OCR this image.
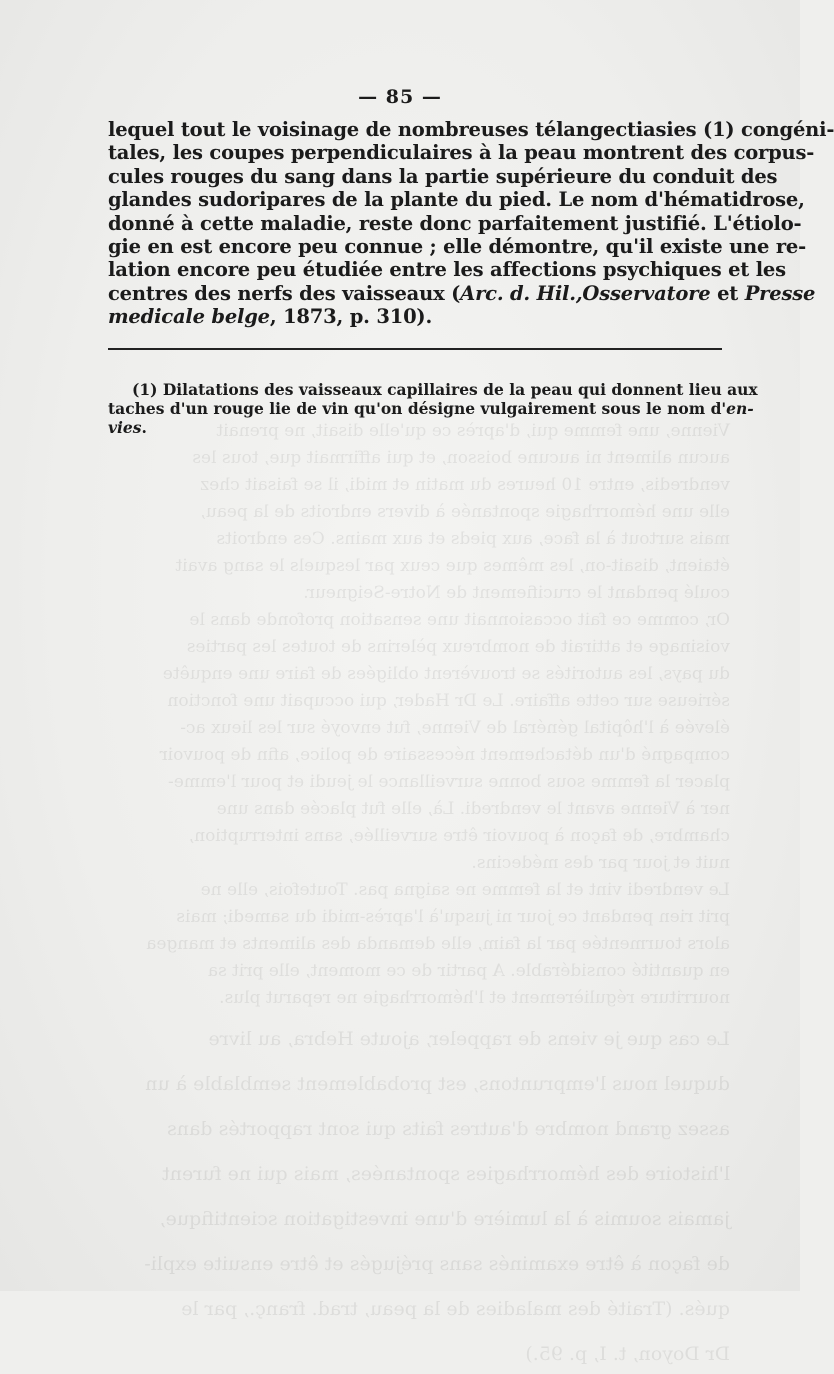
Vienne, une femme qui, d'après ce qu'elle disait, ne prenait

aucun aliment ni aucune boisson, et qui affirmait que, tous les

vendredis, entre 10 heures du matin et midi, il se faisait chez

elle une hémorrhagie spontanée à divers endroits de la peau,

mais surtout à la face, aux pieds et aux mains. Ces endroits

étaient, disait-on, les mêmes que ceux par lesquels le sang avait

coulé pendant le crucifiement de Notre-Seigneur.

Or, comme ce fait occasionnait une sensation profonde dans le

voisinage et attirait de nombreux pèlerins de toutes les parties

du pays, les autorités se trouvèrent obligées de faire une enquête

sérieuse sur cette affaire. Le Dr Hader, qui occupait une fonction

élevée à l'hôpital général de Vienne, fut envoyé sur les lieux ac-

compagné d'un détachement nécessaire de police, afin de pouvoir

placer la femme sous bonne surveillance le jeudi et pour l'emme-

ner à Vienne avant le vendredi. Là, elle fut placée dans une

chambre, de façon à pouvoir être surveillée, sans interruption,

nuit et jour par des médecins.

Le vendredi vint et la femme ne saigna pas. Toutefois, elle ne

prit rien pendant ce jour ni jusqu'à l'après-midi du samedi; mais

alors tourmentée par la faim, elle demanda des aliments et mangea

en quantité considérable. A partir de ce moment, elle prit sa

nourriture régulièrement et l'hémorrhagie ne reparut plus.

Le cas que je viens de rappeler, ajoute Hebra, au livre

duquel nous l'empruntons, est probablement semblable à un

assez grand nombre d'autres faits qui sont rapportés dans

l'histoire des hémorrhagies spontanées, mais qui ne furent

jamais soumis à la lumière d'une investigation scientifique,

de façon à être examinés sans préjugés et être ensuite expli-

qués. (Traité des maladies de la peau, trad. franç., par le

Dr Doyon, t. I, p. 95.)

— 85 —
lequel tout le voisinage de nombreuses télangectiasies (1) congéni-
tales, les coupes perpendiculaires à la peau montrent des corpus-
cules rouges du sang dans la partie supérieure du conduit des
glandes sudoripares de la plante du pied. Le nom d'hématidrose,
donné à cette maladie, reste donc parfaitement justifié. L'étiolo-
gie en est encore peu connue ; elle démontre, qu'il existe une re-
lation encore peu étudiée entre les affections psychiques et les
centres des nerfs des vaisseaux (Arc. d. Hil.,Osservatore et Presse
medicale belge, 1873, p. 310).
(1) Dilatations des vaisseaux capillaires de la peau qui donnent lieu aux
taches d'un rouge lie de vin qu'on désigne vulgairement sous le nom d'en-
vies.
